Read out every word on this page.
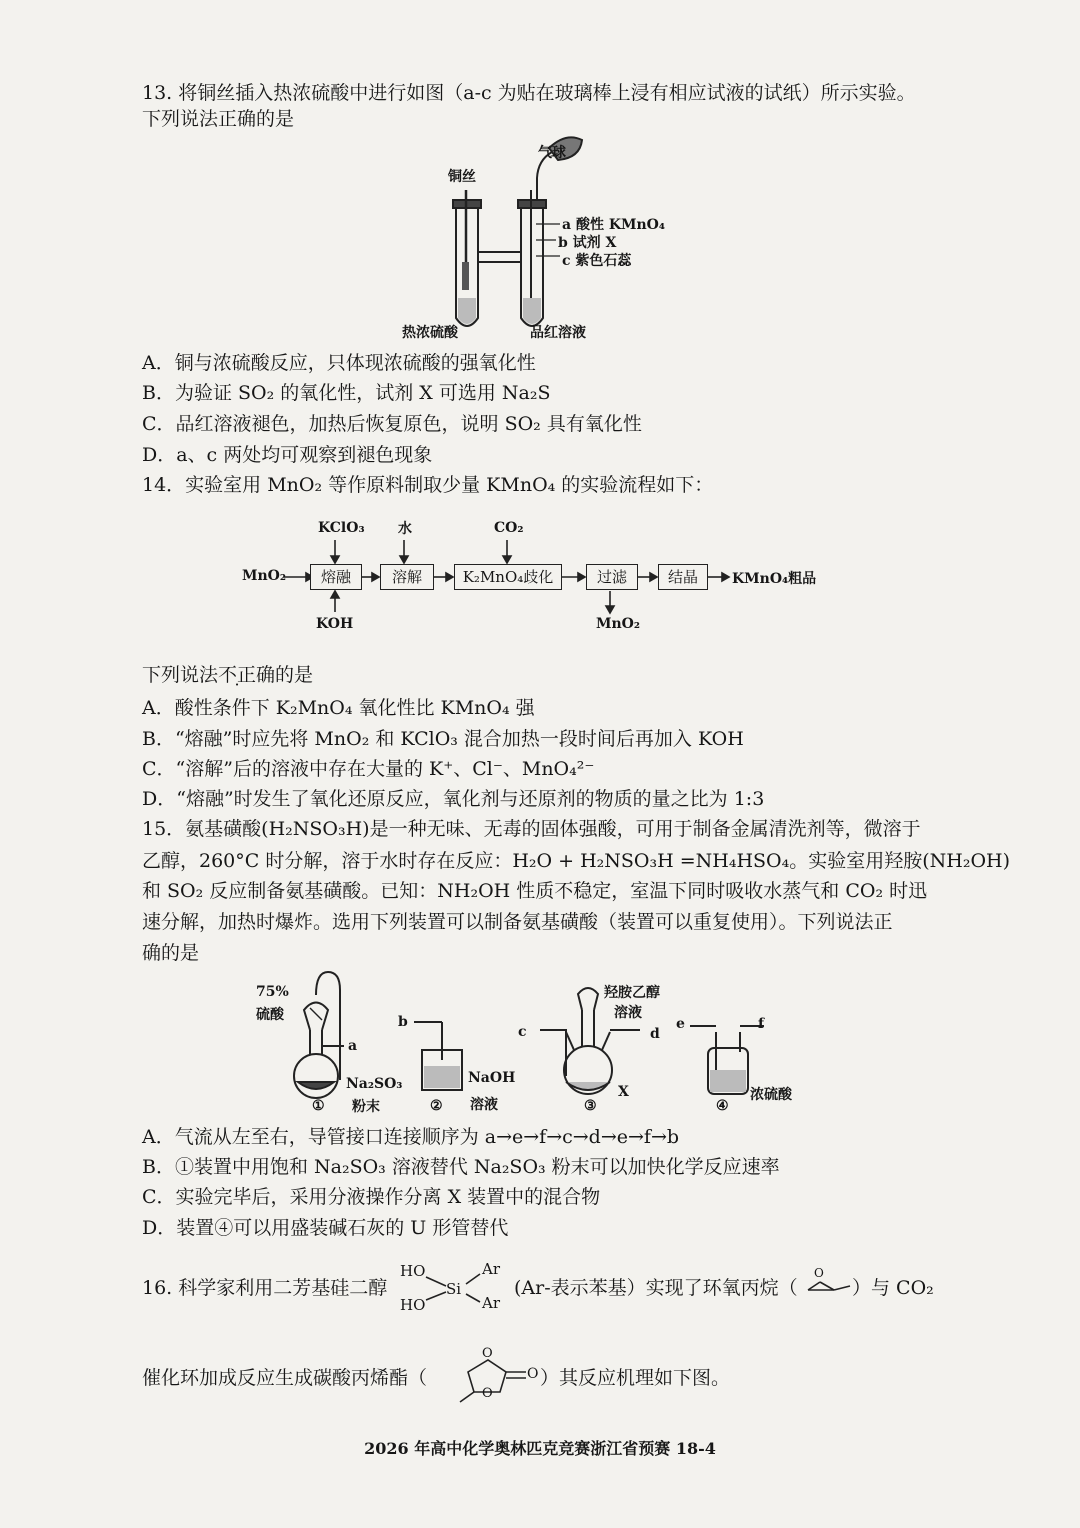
13. 将铜丝插入热浓硫酸中进行如图（a-c 为贴在玻璃棒上浸有相应试液的试纸）所示实验。
下列说法正确的是
气球
铜丝
a 酸性 KMnO₄
b 试剂 X
c 紫色石蕊
热浓硫酸	品红溶液
A．铜与浓硫酸反应，只体现浓硫酸的强氧化性
B．为验证 SO₂ 的氧化性，试剂 X 可选用 Na₂S
C．品红溶液褪色，加热后恢复原色，说明 SO₂ 具有氧化性
D．a、c 两处均可观察到褪色现象
14．实验室用 MnO₂ 等作原料制取少量 KMnO₄ 的实验流程如下：
MnO₂	熔融	溶解	K₂MnO₄歧化	过滤	结晶	KMnO₄粗品
KClO₃ 水	CO₂
KOH	MnO₂
下列说法不正确的是
A．酸性条件下 K₂MnO₄ 氧化性比 KMnO₄ 强
B．“熔融”时应先将 MnO₂ 和 KClO₃ 混合加热一段时间后再加入 KOH
C．“溶解”后的溶液中存在大量的 K⁺、Cl⁻、MnO₄²⁻
D．“熔融”时发生了氧化还原反应，氧化剂与还原剂的物质的量之比为 1:3
15．氨基磺酸(H₂NSO₃H)是一种无味、无毒的固体强酸，可用于制备金属清洗剂等，微溶于
乙醇，260°C 时分解，溶于水时存在反应：H₂O + H₂NSO₃H =NH₄HSO₄。实验室用羟胺(NH₂OH)
和 SO₂ 反应制备氨基磺酸。已知：NH₂OH 性质不稳定，室温下同时吸收水蒸气和 CO₂ 时迅
速分解，加热时爆炸。选用下列装置可以制备氨基磺酸（装置可以重复使用）。下列说法正
确的是
75%
硫酸
a
Na₂SO₃
粉末
①
b
NaOH
溶液
②
羟胺乙醇
溶液
c	d
X
③
e	f
浓硫酸
④
A．气流从左至右，导管接口连接顺序为 a→e→f→c→d→e→f→b
B．①装置中用饱和 Na₂SO₃ 溶液替代 Na₂SO₃ 粉末可以加快化学反应速率
C．实验完毕后，采用分液操作分离 X 装置中的混合物
D．装置④可以用盛装碱石灰的 U 形管替代
16. 科学家利用二芳基硅二醇
HO
HO
Si
Ar
Ar
(Ar-表示苯基）实现了环氧丙烷（
O
）与 CO₂
催化环加成反应生成碳酸丙烯酯（
O
O
O ）其反应机理如下图。
2026 年高中化学奥林匹克竞赛浙江省预赛 18-4
